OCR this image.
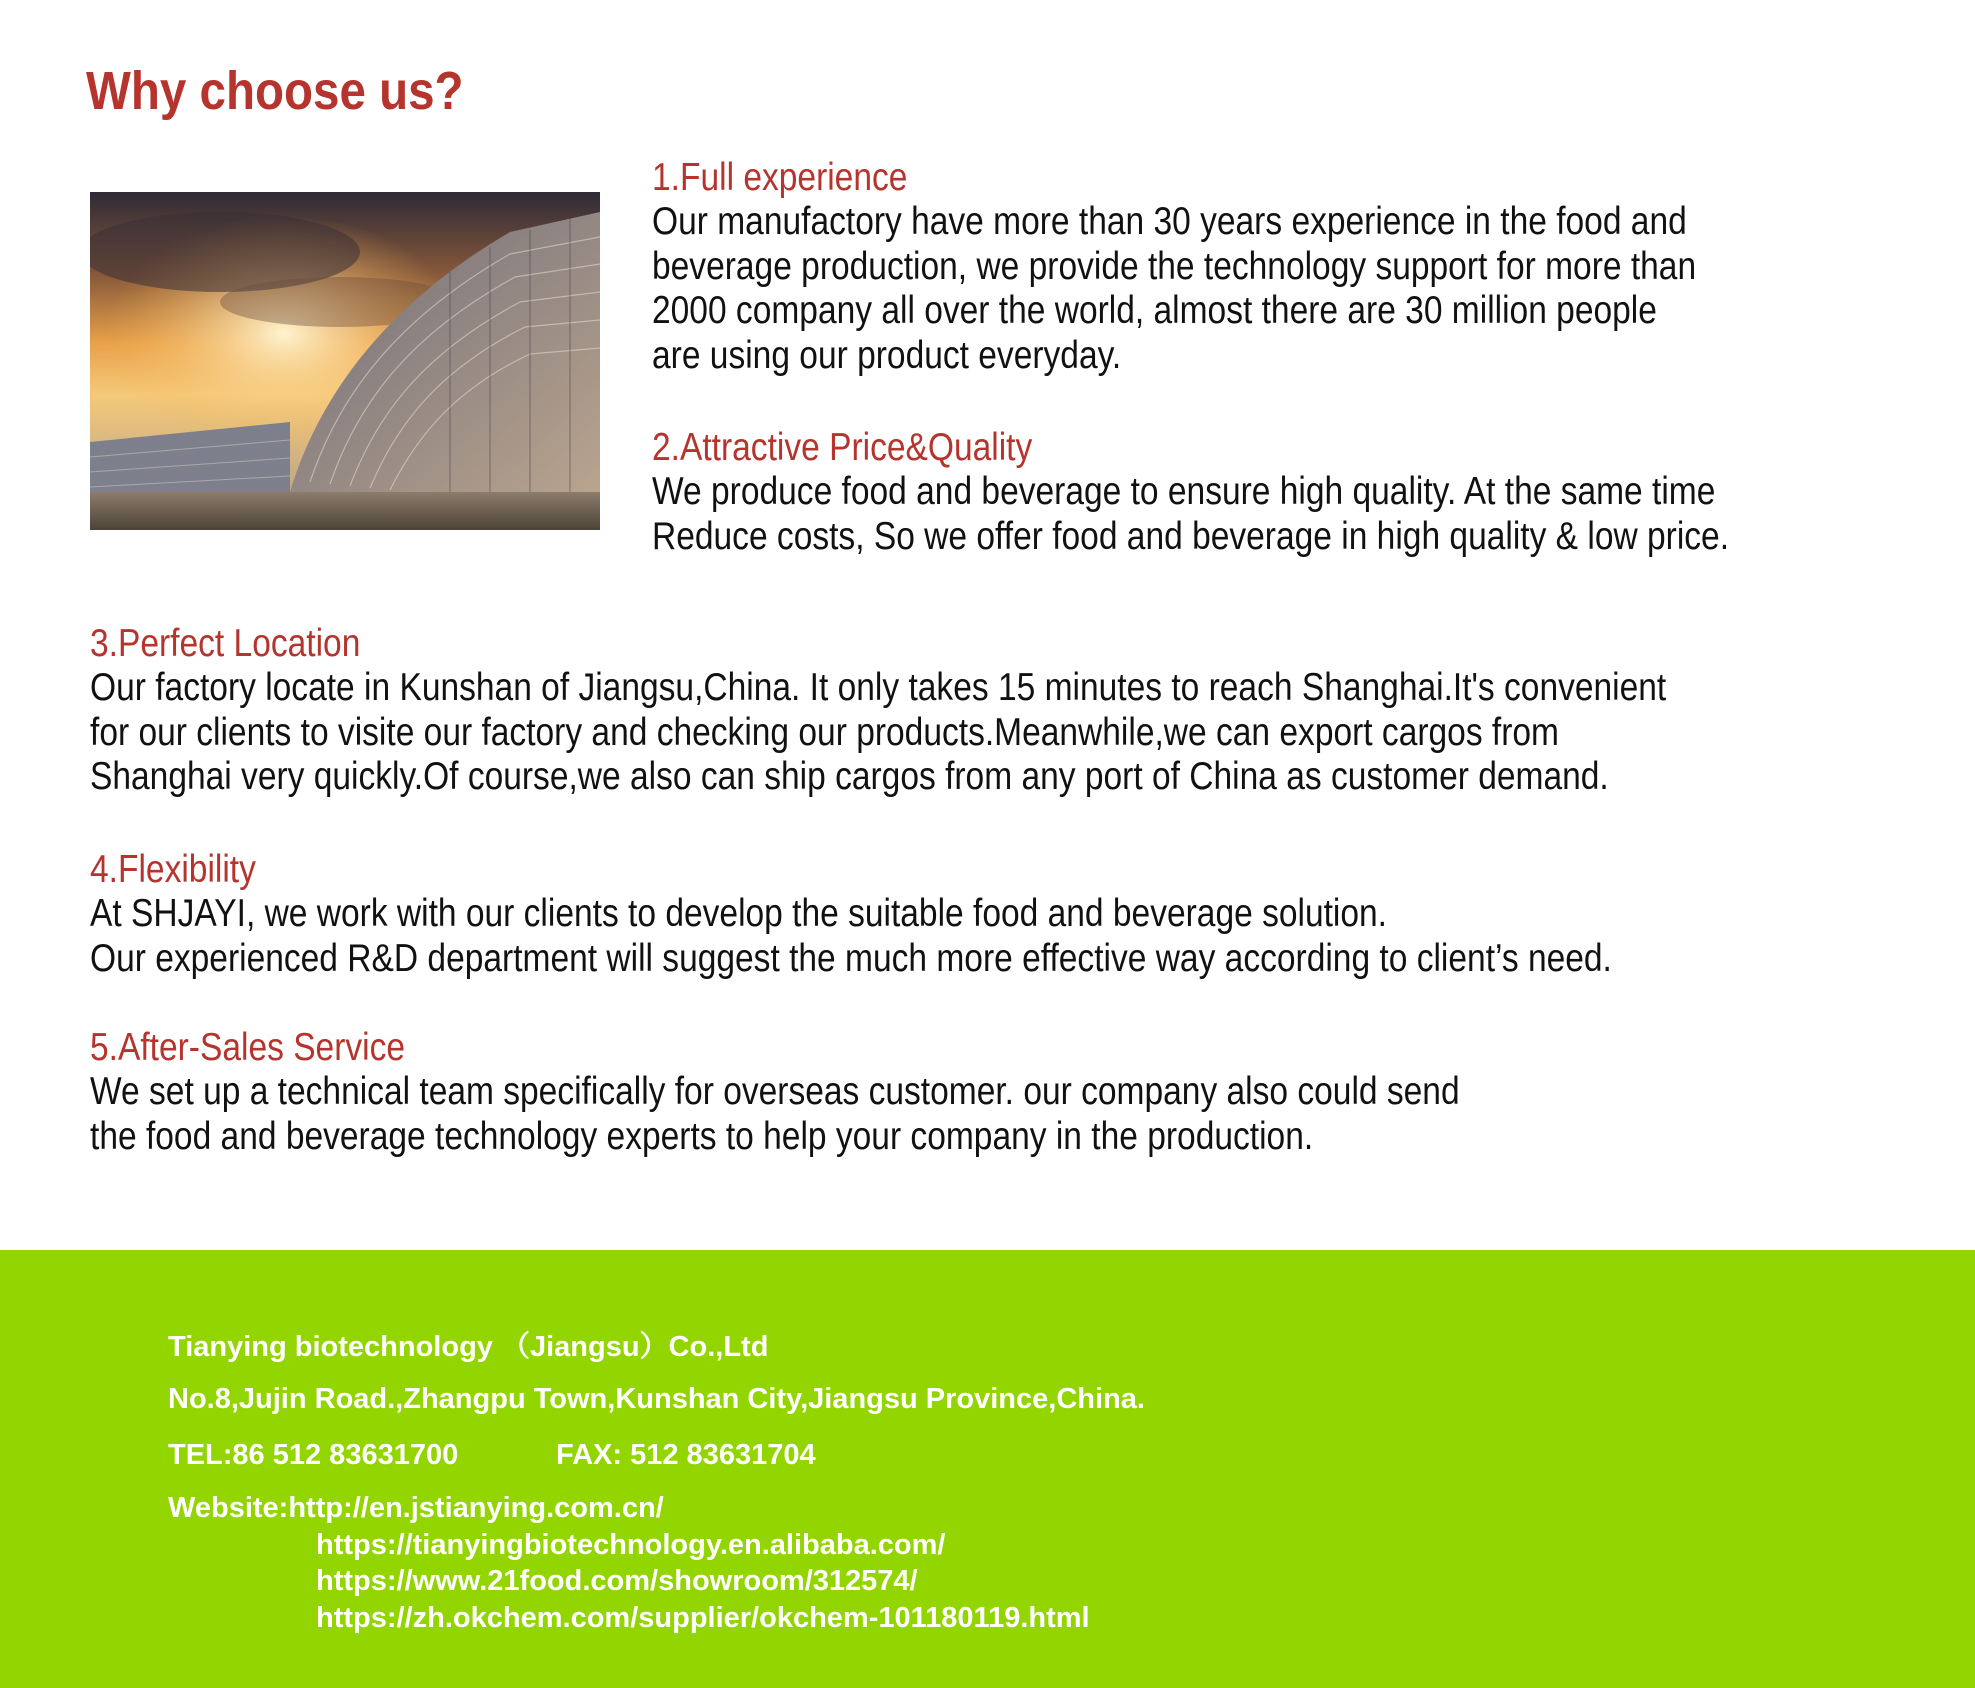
Why choose us?
1.Full experience
Our manufactory have more than 30 years experience in the food and
beverage production, we provide the technology support for more than
2000 company all over the world, almost there are 30 million people
are using our product everyday.
2.Attractive Price&Quality
We produce food and beverage to ensure high quality. At the same time
Reduce costs, So we offer food and beverage in high quality & low price.
3.Perfect Location
Our factory locate in Kunshan of Jiangsu,China. It only takes 15 minutes to reach Shanghai.It's convenient
for our clients to visite our factory and checking our products.Meanwhile,we can export cargos from
Shanghai very quickly.Of course,we also can ship cargos from any port of China as customer demand.
4.Flexibility
At SHJAYI, we work with our clients to develop the suitable food and beverage solution.
Our experienced R&D department will suggest the much more effective way according to client’s need.
5.After-Sales Service
We set up a technical team specifically for overseas customer. our company also could send
the food and beverage technology experts to help your company in the production.
Tianying biotechnology （Jiangsu）Co.,Ltd
No.8,Jujin Road.,Zhangpu Town,Kunshan City,Jiangsu Province,China.
TEL:86 512 83631700	FAX: 512 83631704
Website:http://en.jstianying.com.cn/
https://tianyingbiotechnology.en.alibaba.com/
https://www.21food.com/showroom/312574/
https://zh.okchem.com/supplier/okchem-101180119.html
